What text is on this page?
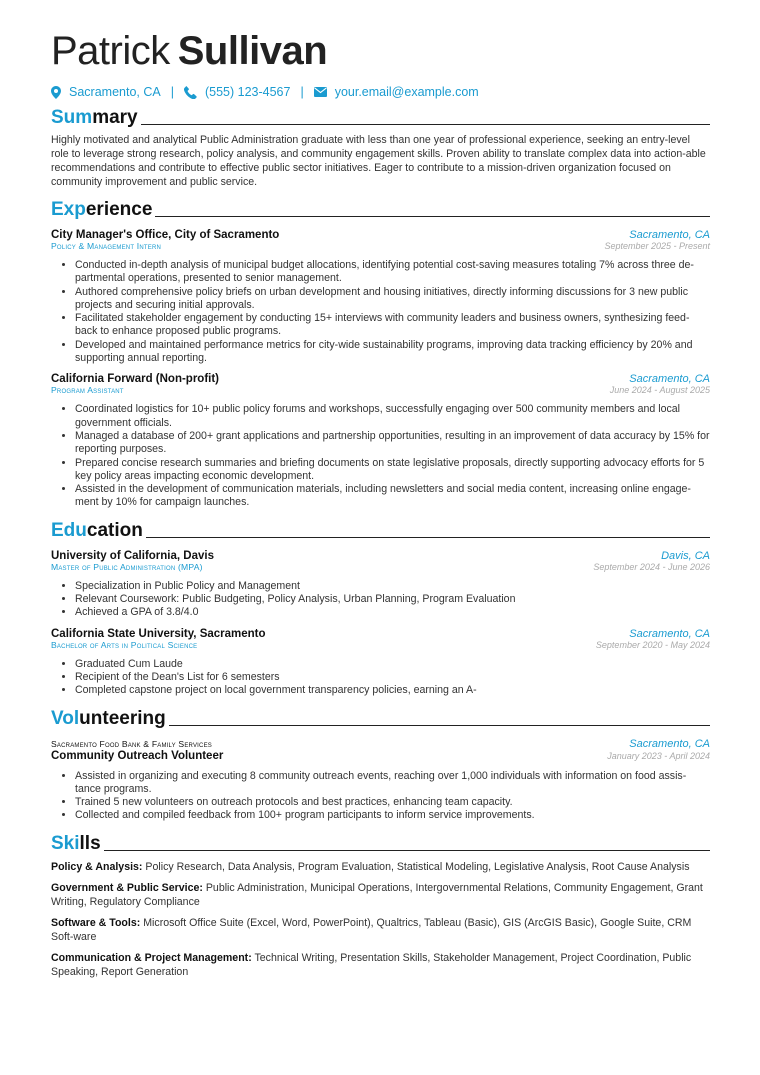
Patrick Sullivan
Sacramento, CA | (555) 123-4567 | your.email@example.com
Summary

Highly motivated and analytical Public Administration graduate with less than one year of professional experience, seeking an entry-level role to leverage strong research, policy analysis, and community engagement skills. Proven ability to translate complex data into action-able recommendations and contribute to effective public sector initiatives. Eager to contribute to a mission-driven organization focused on community improvement and public service.

Experience
City Manager's Office, City of Sacramento	Sacramento, CA
Policy & Management Intern	September 2025 - Present
• Conducted in-depth analysis of municipal budget allocations, identifying potential cost-saving measures totaling 7% across three de-partmental operations, presented to senior management.
• Authored comprehensive policy briefs on urban development and housing initiatives, directly informing discussions for 3 new public projects and securing initial approvals.
• Facilitated stakeholder engagement by conducting 15+ interviews with community leaders and business owners, synthesizing feed-back to enhance proposed public programs.
• Developed and maintained performance metrics for city-wide sustainability programs, improving data tracking efficiency by 20% and supporting annual reporting.
California Forward (Non-profit)	Sacramento, CA
Program Assistant	June 2024 - August 2025
• Coordinated logistics for 10+ public policy forums and workshops, successfully engaging over 500 community members and local government officials.
• Managed a database of 200+ grant applications and partnership opportunities, resulting in an improvement of data accuracy by 15% for reporting purposes.
• Prepared concise research summaries and briefing documents on state legislative proposals, directly supporting advocacy efforts for 5 key policy areas impacting economic development.
• Assisted in the development of communication materials, including newsletters and social media content, increasing online engage-ment by 10% for campaign launches.
Education
University of California, Davis	Davis, CA
Master of Public Administration (MPA)	September 2024 - June 2026
• Specialization in Public Policy and Management
• Relevant Coursework: Public Budgeting, Policy Analysis, Urban Planning, Program Evaluation
• Achieved a GPA of 3.8/4.0
California State University, Sacramento	Sacramento, CA
Bachelor of Arts in Political Science	September 2020 - May 2024
• Graduated Cum Laude
• Recipient of the Dean's List for 6 semesters
• Completed capstone project on local government transparency policies, earning an A-
Volunteering
Sacramento Food Bank & Family Services	Sacramento, CA
Community Outreach Volunteer	January 2023 - April 2024
• Assisted in organizing and executing 8 community outreach events, reaching over 1,000 individuals with information on food assis-tance programs.
• Trained 5 new volunteers on outreach protocols and best practices, enhancing team capacity.
• Collected and compiled feedback from 100+ program participants to inform service improvements.
Skills
Policy & Analysis: Policy Research, Data Analysis, Program Evaluation, Statistical Modeling, Legislative Analysis, Root Cause Analysis
Government & Public Service: Public Administration, Municipal Operations, Intergovernmental Relations, Community Engagement, Grant Writing, Regulatory Compliance
Software & Tools: Microsoft Office Suite (Excel, Word, PowerPoint), Qualtrics, Tableau (Basic), GIS (ArcGIS Basic), Google Suite, CRM Soft-ware
Communication & Project Management: Technical Writing, Presentation Skills, Stakeholder Management, Project Coordination, Public Speaking, Report Generation
